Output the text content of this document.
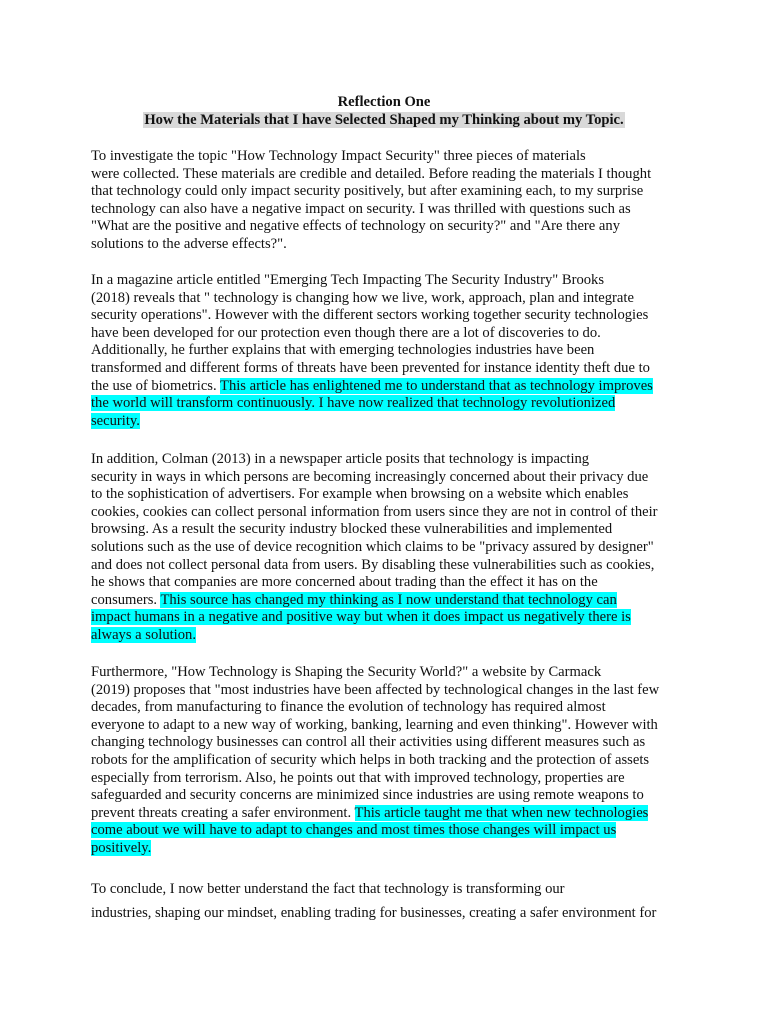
Reflection One
How the Materials that I have Selected Shaped my Thinking about my Topic.

To investigate the topic "How Technology Impact Security" three pieces of materials
were collected. These materials are credible and detailed. Before reading the materials I thought
that technology could only impact security positively, but after examining each, to my surprise
technology can also have a negative impact on security. I was thrilled with questions such as
"What are the positive and negative effects of technology on security?" and "Are there any
solutions to the adverse effects?".

In a magazine article entitled "Emerging Tech Impacting The Security Industry" Brooks
(2018) reveals that " technology is changing how we live, work, approach, plan and integrate
security operations". However with the different sectors working together security technologies
have been developed for our protection even though there are a lot of discoveries to do.
Additionally, he further explains that with emerging technologies industries have been
transformed and different forms of threats have been prevented for instance identity theft due to
the use of biometrics. This article has enlightened me to understand that as technology improves
the world will transform continuously. I have now realized that technology revolutionized
security.

In addition, Colman (2013) in a newspaper article posits that technology is impacting
security in ways in which persons are becoming increasingly concerned about their privacy due
to the sophistication of advertisers. For example when browsing on a website which enables
cookies, cookies can collect personal information from users since they are not in control of their
browsing. As a result the security industry blocked these vulnerabilities and implemented
solutions such as the use of device recognition which claims to be "privacy assured by designer"
and does not collect personal data from users. By disabling these vulnerabilities such as cookies,
he shows that companies are more concerned about trading than the effect it has on the
consumers. This source has changed my thinking as I now understand that technology can
impact humans in a negative and positive way but when it does impact us negatively there is
always a solution.

Furthermore, "How Technology is Shaping the Security World?" a website by Carmack
(2019) proposes that "most industries have been affected by technological changes in the last few
decades, from manufacturing to finance the evolution of technology has required almost
everyone to adapt to a new way of working, banking, learning and even thinking". However with
changing technology businesses can control all their activities using different measures such as
robots for the amplification of security which helps in both tracking and the protection of assets
especially from terrorism. Also, he points out that with improved technology, properties are
safeguarded and security concerns are minimized since industries are using remote weapons to
prevent threats creating a safer environment. This article taught me that when new technologies
come about we will have to adapt to changes and most times those changes will impact us
positively.

To conclude, I now better understand the fact that technology is transforming our
industries, shaping our mindset, enabling trading for businesses, creating a safer environment for
